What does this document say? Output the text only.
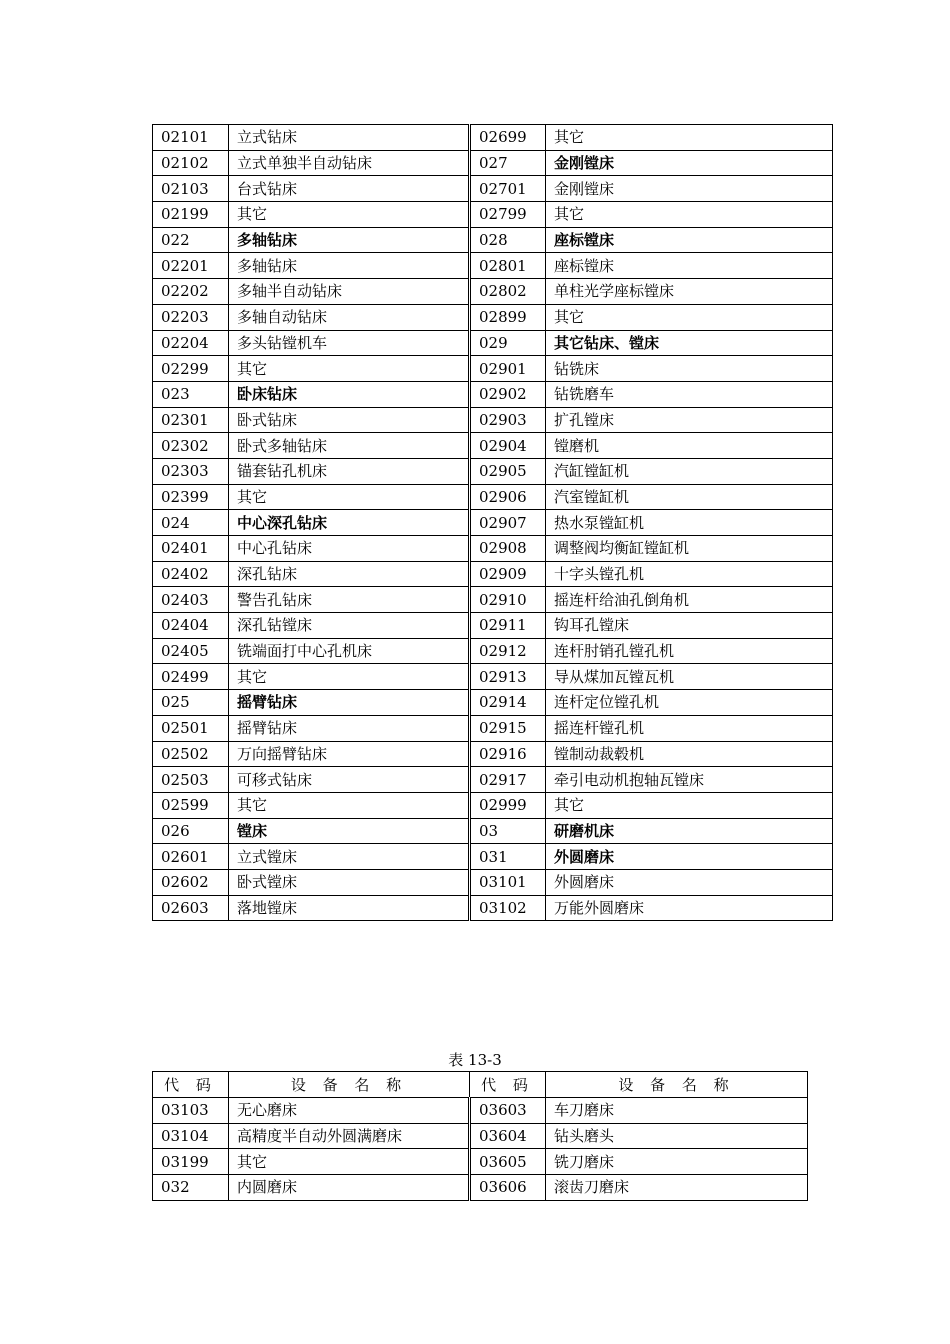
02101	立式钻床	02699	其它
02102	立式单独半自动钻床	027	金刚镗床
02103	台式钻床	02701	金刚镗床
02199	其它	02799	其它
022	多轴钻床	028	座标镗床
02201	多轴钻床	02801	座标镗床
02202	多轴半自动钻床	02802	单柱光学座标镗床
02203	多轴自动钻床	02899	其它
02204	多头钻镗机车	029	其它钻床、镗床
02299	其它	02901	钻铣床
023	卧床钻床	02902	钻铣磨车
02301	卧式钻床	02903	扩孔镗床
02302	卧式多轴钻床	02904	镗磨机
02303	锚套钻孔机床	02905	汽缸镗缸机
02399	其它	02906	汽室镗缸机
024	中心深孔钻床	02907	热水泵镗缸机
02401	中心孔钻床	02908	调整阀均衡缸镗缸机
02402	深孔钻床	02909	十字头镗孔机
02403	警告孔钻床	02910	摇连杆给油孔倒角机
02404	深孔钻镗床	02911	钩耳孔镗床
02405	铣端面打中心孔机床	02912	连杆肘销孔镗孔机
02499	其它	02913	导从煤加瓦镗瓦机
025	摇臂钻床	02914	连杆定位镗孔机
02501	摇臂钻床	02915	摇连杆镗孔机
02502	万向摇臂钻床	02916	镗制动裁毂机
02503	可移式钻床	02917	牵引电动机抱轴瓦镗床
02599	其它	02999	其它
026	镗床	03	研磨机床
02601	立式镗床	031	外圆磨床
02602	卧式镗床	03101	外圆磨床
02603	落地镗床	03102	万能外圆磨床
表 13-3
代 码	设 备 名 称	代 码	设 备 名 称
03103	无心磨床	03603	车刀磨床
03104	高精度半自动外圆满磨床	03604	钻头磨头
03199	其它	03605	铣刀磨床
032	内圆磨床	03606	滚齿刀磨床
